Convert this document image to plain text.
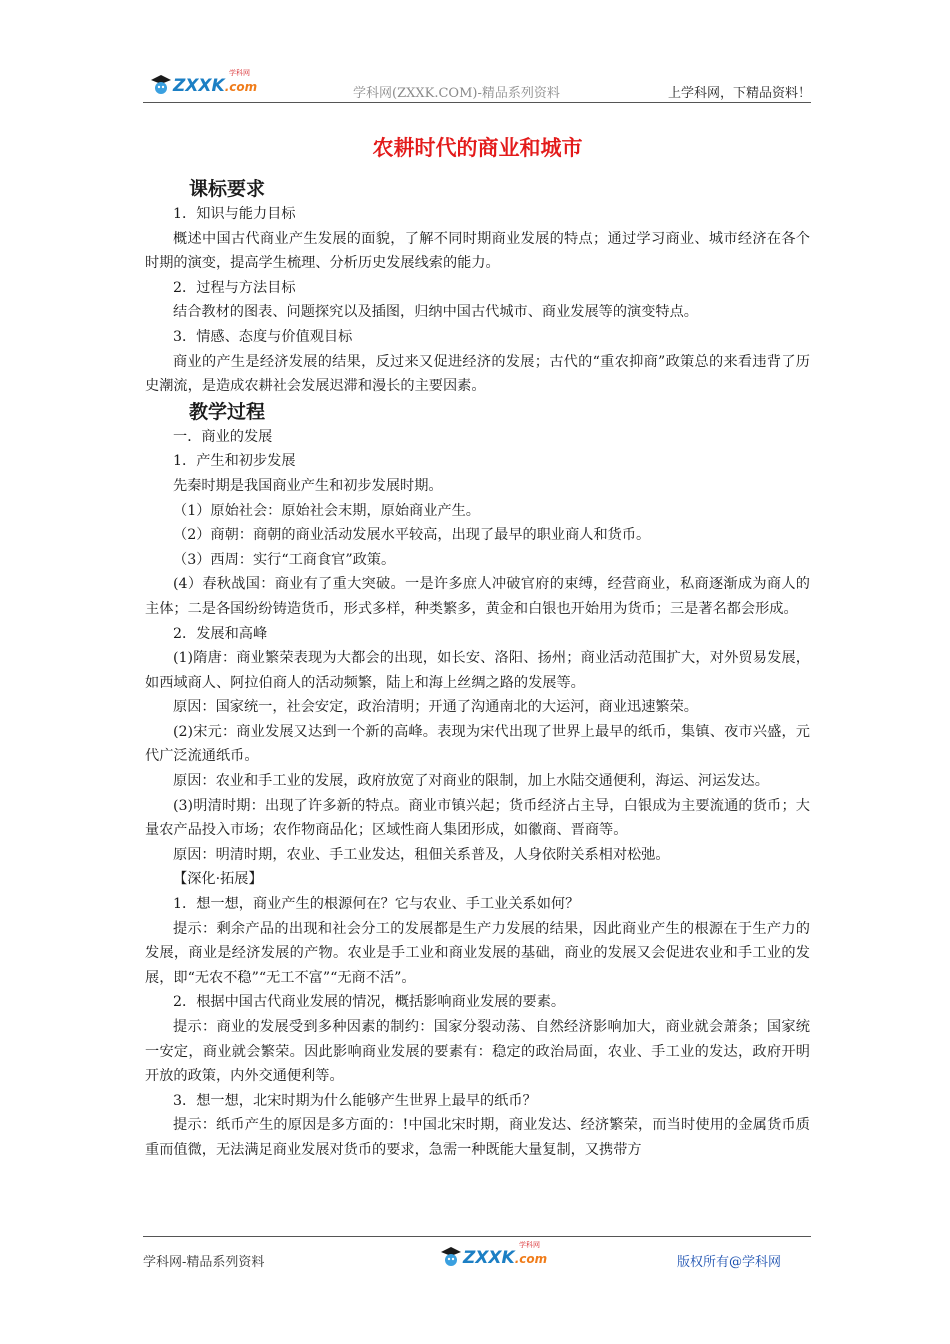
学科网
ZXXK.com	学科网(ZXXK.COM)-精品系列资料	上学科网，下精品资料！
农耕时代的商业和城市
课标要求

1．知识与能力目标

概述中国古代商业产生发展的面貌，了解不同时期商业发展的特点；通过学习商业、城市经济在各个时期的演变，提高学生梳理、分析历史发展线索的能力。

2．过程与方法目标

结合教材的图表、问题探究以及插图，归纳中国古代城市、商业发展等的演变特点。

3．情感、态度与价值观目标

商业的产生是经济发展的结果，反过来又促进经济的发展；古代的“重农抑商”政策总的来看违背了历史潮流，是造成农耕社会发展迟滞和漫长的主要因素。

教学过程

一．商业的发展

1．产生和初步发展

先秦时期是我国商业产生和初步发展时期。

（1）原始社会：原始社会末期，原始商业产生。

（2）商朝：商朝的商业活动发展水平较高，出现了最早的职业商人和货币。

（3）西周：实行“工商食官”政策。

(4）春秋战国：商业有了重大突破。一是许多庶人冲破官府的束缚，经营商业，私商逐渐成为商人的主体；二是各国纷纷铸造货币，形式多样，种类繁多，黄金和白银也开始用为货币；三是著名都会形成。

2．发展和高峰

(1)隋唐：商业繁荣表现为大都会的出现，如长安、洛阳、扬州；商业活动范围扩大，对外贸易发展，如西域商人、阿拉伯商人的活动频繁，陆上和海上丝绸之路的发展等。

原因：国家统一，社会安定，政治清明；开通了沟通南北的大运河，商业迅速繁荣。

(2)宋元：商业发展又达到一个新的高峰。表现为宋代出现了世界上最早的纸币，集镇、夜市兴盛，元代广泛流通纸币。

原因：农业和手工业的发展，政府放宽了对商业的限制，加上水陆交通便利，海运、河运发达。

(3)明清时期：出现了许多新的特点。商业市镇兴起；货币经济占主导，白银成为主要流通的货币；大量农产品投入市场；农作物商品化；区域性商人集团形成，如徽商、晋商等。

原因：明清时期，农业、手工业发达，租佃关系普及，人身依附关系相对松弛。

【深化·拓展】

1．想一想，商业产生的根源何在？它与农业、手工业关系如何？

提示：剩余产品的出现和社会分工的发展都是生产力发展的结果，因此商业产生的根源在于生产力的发展，商业是经济发展的产物。农业是手工业和商业发展的基础，商业的发展又会促进农业和手工业的发展，即“无农不稳”“无工不富”“无商不活”。

2．根据中国古代商业发展的情况，概括影响商业发展的要素。

提示：商业的发展受到多种因素的制约：国家分裂动荡、自然经济影响加大，商业就会萧条；国家统一安定，商业就会繁荣。因此影响商业发展的要素有：稳定的政治局面，农业、手工业的发达，政府开明开放的政策，内外交通便利等。

3．想一想，北宋时期为什么能够产生世界上最早的纸币？

提示：纸币产生的原因是多方面的：!中国北宋时期，商业发达、经济繁荣，而当时使用的金属货币质重而值微，无法满足商业发展对货币的要求，急需一种既能大量复制，又携带方

学科网-精品系列资料	ZXXK.com
学科网
版权所有@学科网
